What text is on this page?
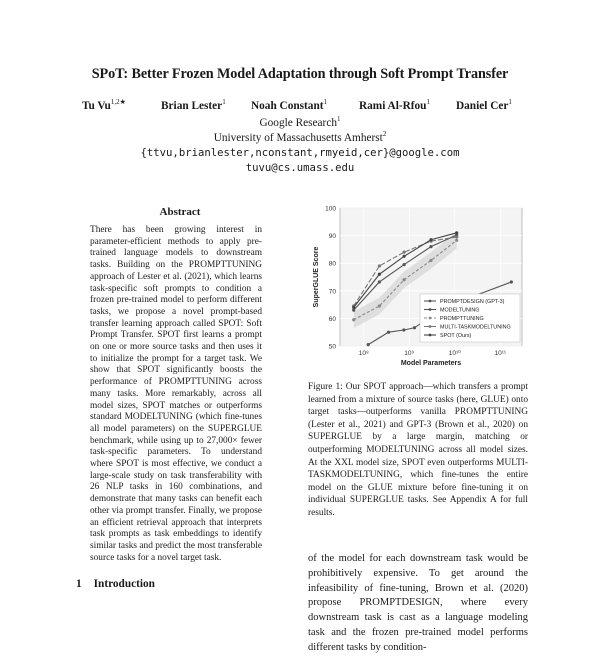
SPoT: Better Frozen Model Adaptation through Soft Prompt Transfer
Tu $Vu^{1,2★}$	Brian Lester$^1$ Noah Constant$^1$	Rami Al-Rfou$^1$ Daniel Cer$^1$
Google Research$^1$
University of Massachusetts Amherst$^2$
{ttvu,brianlester,nconstant,rmyeid,cer}@google.com
tuvu@cs.umass.edu
Abstract
There has been growing interest in parameter-efficient methods to apply pre-trained language models to downstream tasks. Building on the PROMPTTUNING approach of Lester et al. (2021), which learns task-specific soft prompts to condition a frozen pre-trained model to perform different tasks, we propose a novel prompt-based transfer learning approach called SPOT: Soft Prompt Transfer. SPOT first learns a prompt on one or more source tasks and then uses it to initialize the prompt for a target task. We show that SPOT significantly boosts the performance of PROMPTTUNING across many tasks. More remarkably, across all model sizes, SPOT matches or outperforms standard MODELTUNING (which fine-tunes all model parameters) on the SUPERGLUE benchmark, while using up to 27,000× fewer task-specific parameters. To understand where SPOT is most effective, we conduct a large-scale study on task transferability with 26 NLP tasks in 160 combinations, and demonstrate that many tasks can benefit each other via prompt transfer. Finally, we propose an efficient retrieval approach that interprets task prompts as task embeddings to identify similar tasks and predict the most transferable source tasks for a novel target task.
1 Introduction
50
60
70
80
90
100
10⁸	10⁹	10¹⁰	10¹¹
Model Parameters
SuperGLUE Score	PROMPTDESIGN (GPT-3)
MODELTUNING
PROMPTTUNING
MULTI-TASKMODELTUNING
SPOT (Ours)
Figure 1: Our SPOT approach—which transfers a prompt learned from a mixture of source tasks (here, GLUE) onto target tasks—outperforms vanilla PROMPTTUNING (Lester et al., 2021) and GPT-3 (Brown et al., 2020) on SUPERGLUE by a large margin, matching or outperforming MODELTUNING across all model sizes. At the XXL model size, SPOT even outperforms MULTI-TASKMODELTUNING, which fine-tunes the entire model on the GLUE mixture before fine-tuning it on individual SUPERGLUE tasks. See Appendix A for full results.
of the model for each downstream task would be prohibitively expensive. To get around the infeasibility of fine-tuning, Brown et al. (2020) propose PROMPTDESIGN, where every downstream task is cast as a language modeling task and the frozen pre-trained model performs different tasks by condition-
